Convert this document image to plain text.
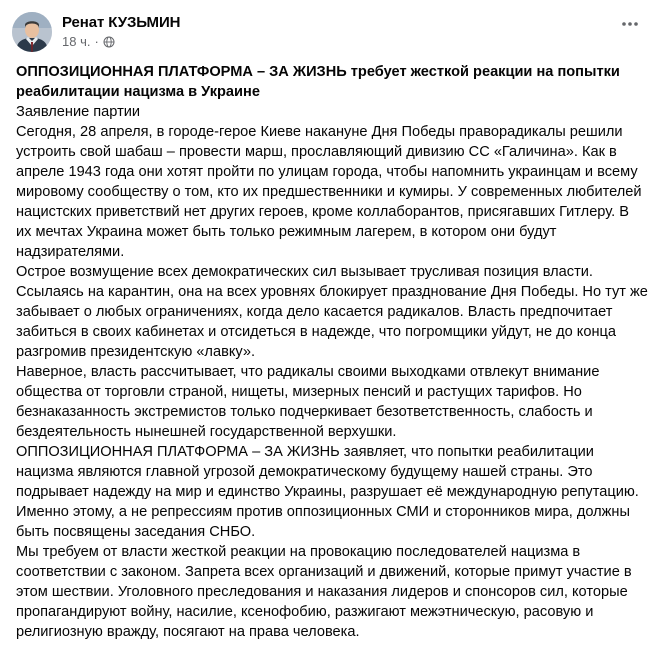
Ренат КУЗЬМИН
18 ч. ·

ОППОЗИЦИОННАЯ ПЛАТФОРМА – ЗА ЖИЗНЬ требует жесткой реакции на попытки реабилитации нацизма в Украине

Заявление партии

Сегодня, 28 апреля, в городе-герое Киеве накануне Дня Победы праворадикалы решили устроить свой шабаш – провести марш, прославляющий дивизию СС «Галичина». Как в апреле 1943 года они хотят пройти по улицам города, чтобы напомнить украинцам и всему мировому сообществу о том, кто их предшественники и кумиры. У современных любителей нацистских приветствий нет других героев, кроме коллаборантов, присягавших Гитлеру. В их мечтах Украина может быть только режимным лагерем, в котором они будут надзирателями.

Острое возмущение всех демократических сил вызывает трусливая позиция власти. Ссылаясь на карантин, она на всех уровнях блокирует празднование Дня Победы. Но тут же забывает о любых ограничениях, когда дело касается радикалов. Власть предпочитает забиться в своих кабинетах и отсидеться в надежде, что погромщики уйдут, не до конца разгромив президентскую «лавку».

Наверное, власть рассчитывает, что радикалы своими выходками отвлекут внимание общества от торговли страной, нищеты, мизерных пенсий и растущих тарифов. Но безнаказанность экстремистов только подчеркивает безответственность, слабость и бездеятельность нынешней государственной верхушки.

ОППОЗИЦИОННАЯ ПЛАТФОРМА – ЗА ЖИЗНЬ заявляет, что попытки реабилитации нацизма являются главной угрозой демократическому будущему нашей страны. Это подрывает надежду на мир и единство Украины, разрушает её международную репутацию. Именно этому, а не репрессиям против оппозиционных СМИ и сторонников мира, должны быть посвящены заседания СНБО.

Мы требуем от власти жесткой реакции на провокацию последователей нацизма в соответствии с законом. Запрета всех организаций и движений, которые примут участие в этом шествии. Уголовного преследования и наказания лидеров и спонсоров сил, которые пропагандируют войну, насилие, ксенофобию, разжигают межэтническую, расовую и религиозную вражду, посягают на права человека.
